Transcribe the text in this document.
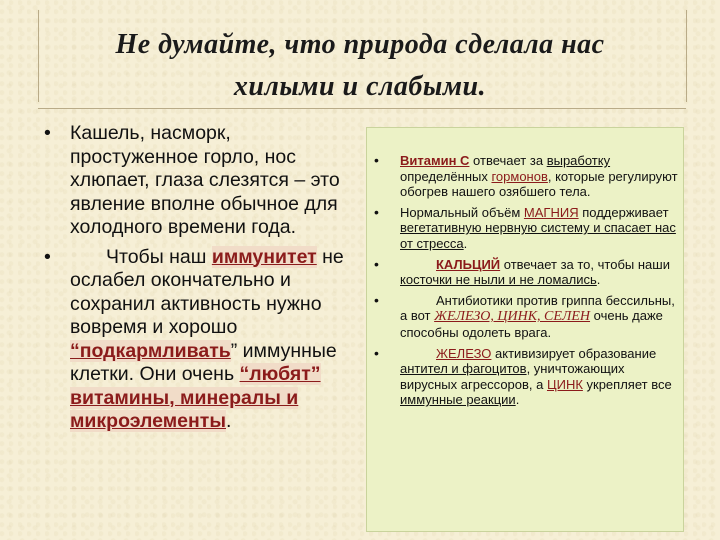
Не думайте, что природа сделала нас
хилыми и слабыми.
• Кашель, насморк, простуженное горло, нос хлюпает, глаза слезятся – это явление вполне обычное для холодного времени года.
•	Чтобы наш иммунитет не ослабел окончательно и сохранил активность нужно вовремя и хорошо “подкармливать” иммунные клетки. Они очень “любят” витамины, минералы и микроэлементы.
• Витамин С отвечает за выработку определённых гормонов, которые регулируют обогрев нашего озябшего тела.
• Нормальный объём МАГНИЯ поддерживает вегетативную нервную систему и спасает нас от стресса.
•	КАЛЬЦИЙ отвечает за то, чтобы наши косточки не ныли и не ломались.
•	Антибиотики против гриппа бессильны, а вот ЖЕЛЕЗО, ЦИНК, СЕЛЕН очень даже способны одолеть врага.
•	ЖЕЛЕЗО активизирует образование антител и фагоцитов, уничтожающих вирусных агрессоров, а ЦИНК укрепляет все иммунные реакции.
